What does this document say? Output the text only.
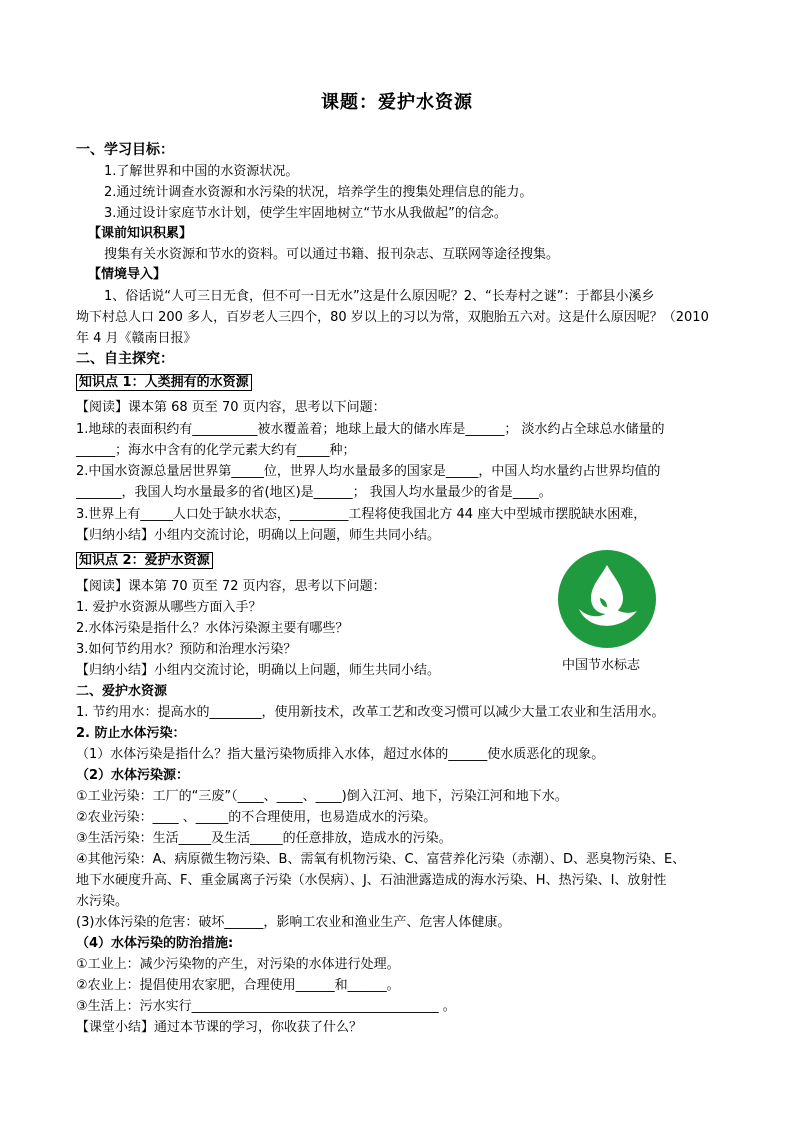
课题：爱护水资源
一、学习目标：
1.了解世界和中国的水资源状况。
2.通过统计调查水资源和水污染的状况，培养学生的搜集处理信息的能力。
3.通过设计家庭节水计划，使学生牢固地树立“节水从我做起”的信念。
【课前知识积累】
搜集有关水资源和节水的资料。可以通过书籍、报刊杂志、互联网等途径搜集。
【情境导入】
1、俗话说“人可三日无食，但不可一日无水”这是什么原因呢？2、“长寿村之谜”：于都县小溪乡
坳下村总人口 200 多人，百岁老人三四个，80 岁以上的习以为常，双胞胎五六对。这是什么原因呢？（2010
年 4 月《赣南日报》
二、自主探究：
知识点 1：人类拥有的水资源
【阅读】课本第 68 页至 70 页内容，思考以下问题：
1.地球的表面积约有__________被水覆盖着；地球上最大的储水库是______； 淡水约占全球总水储量的
______；海水中含有的化学元素大约有_____种；
2.中国水资源总量居世界第_____位，世界人均水量最多的国家是_____，中国人均水量约占世界均值的
_______，我国人均水量最多的省(地区)是______； 我国人均水量最少的省是____。
3.世界上有_____人口处于缺水状态，_________工程将使我国北方 44 座大中型城市摆脱缺水困难，
【归纳小结】小组内交流讨论，明确以上问题，师生共同小结。
知识点 2：爱护水资源
【阅读】课本第 70 页至 72 页内容，思考以下问题：
1. 爱护水资源从哪些方面入手？
2.水体污染是指什么？水体污染源主要有哪些？
3.如何节约用水？预防和治理水污染？
【归纳小结】小组内交流讨论，明确以上问题，师生共同小结。
二、爱护水资源
1. 节约用水：提高水的________，使用新技术，改革工艺和改变习惯可以减少大量工农业和生活用水。
2. 防止水体污染：
（1）水体污染是指什么？指大量污染物质排入水体，超过水体的______使水质恶化的现象。
（2）水体污染源：
①工业污染：工厂的“三废”（____、____、____)倒入江河、地下，污染江河和地下水。
②农业污染：____ 、_____的不合理使用，也易造成水的污染。
③生活污染：生活_____及生活_____的任意排放，造成水的污染。
④其他污染：A、病原微生物污染、B、需氧有机物污染、C、富营养化污染（赤潮）、D、恶臭物污染、E、
地下水硬度升高、F、重金属离子污染（水俣病）、J、石油泄露造成的海水污染、H、热污染、I、放射性
水污染。
(3)水体污染的危害：破坏______，影响工农业和渔业生产、危害人体健康。
（4）水体污染的防治措施:
①工业上：减少污染物的产生，对污染的水体进行处理。
②农业上：提倡使用农家肥，合理使用______和______。
③生活上：污水实行______________________________________ 。
【课堂小结】通过本节课的学习，你收获了什么？
中国节水标志
